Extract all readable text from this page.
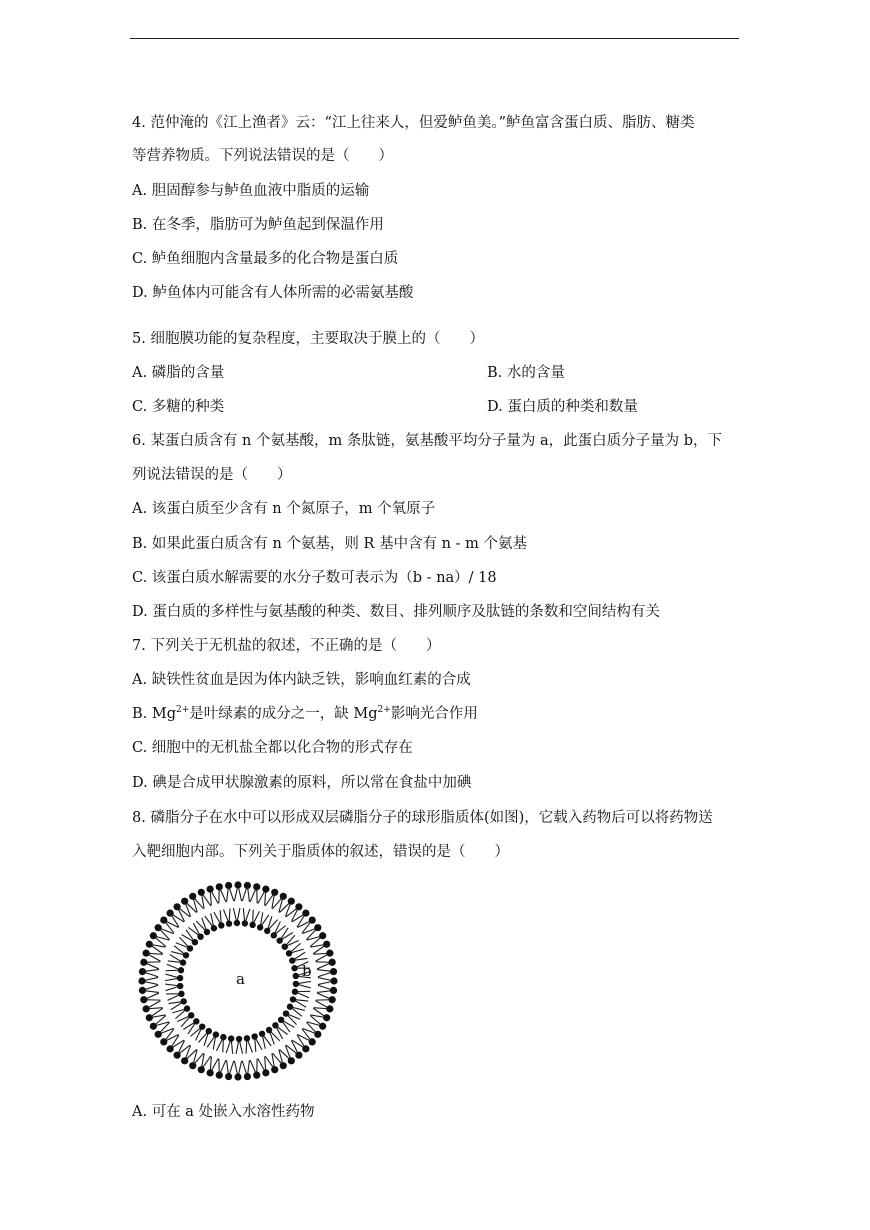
4. 范仲淹的《江上渔者》云：“江上往来人，但爱鲈鱼美。”鲈鱼富含蛋白质、脂肪、糖类
等营养物质。下列说法错误的是（　　）
A. 胆固醇参与鲈鱼血液中脂质的运输
B. 在冬季，脂肪可为鲈鱼起到保温作用
C. 鲈鱼细胞内含量最多的化合物是蛋白质
D. 鲈鱼体内可能含有人体所需的必需氨基酸
5. 细胞膜功能的复杂程度，主要取决于膜上的（　　）
A. 磷脂的含量	B. 水的含量
C. 多糖的种类	D. 蛋白质的种类和数量
6. 某蛋白质含有 n 个氨基酸，m 条肽链，氨基酸平均分子量为 a，此蛋白质分子量为 b，下
列说法错误的是（　　）
A. 该蛋白质至少含有 n 个氮原子，m 个氧原子
B. 如果此蛋白质含有 n 个氨基，则 R 基中含有 n - m 个氨基
C. 该蛋白质水解需要的水分子数可表示为（b - na）/ 18
D. 蛋白质的多样性与氨基酸的种类、数目、排列顺序及肽链的条数和空间结构有关
7. 下列关于无机盐的叙述，不正确的是（　　）
A. 缺铁性贫血是因为体内缺乏铁，影响血红素的合成
B. $Mg^{2+}$是叶绿素的成分之一，缺 $Mg^{2+}$影响光合作用
C. 细胞中的无机盐全都以化合物的形式存在
D. 碘是合成甲状腺激素的原料，所以常在食盐中加碘
8. 磷脂分子在水中可以形成双层磷脂分子的球形脂质体(如图)，它载入药物后可以将药物送
入靶细胞内部。下列关于脂质体的叙述，错误的是（　　）
a	b
A. 可在 a 处嵌入水溶性药物
